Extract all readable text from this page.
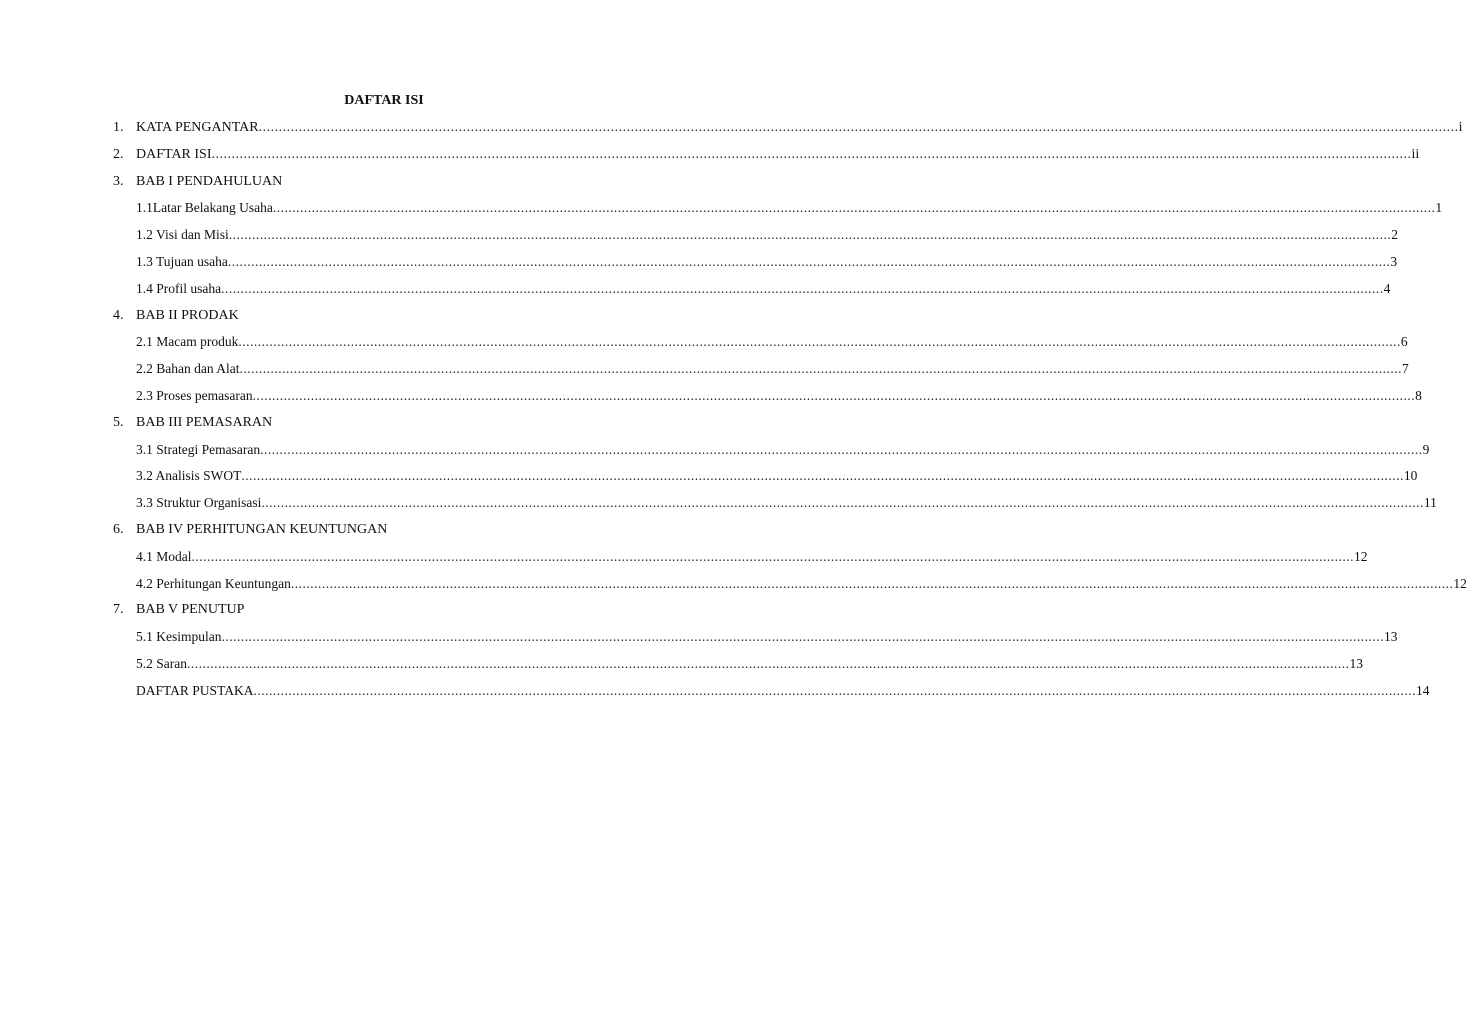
DAFTAR ISI
1. KATA PENGANTAR ............................................................................................................................................................................................................................................................................................................ i
2. DAFTAR ISI ............................................................................................................................................................................................................................................................................................................ ii
3. BAB I PENDAHULUAN
1.1Latar Belakang Usaha ............................................................................................................................................................................................................................................................................................................ 1
1.2 Visi dan Misi ............................................................................................................................................................................................................................................................................................................ 2
1.3 Tujuan usaha ............................................................................................................................................................................................................................................................................................................ 3
1.4 Profil usaha ............................................................................................................................................................................................................................................................................................................ 4
4. BAB II PRODAK
2.1 Macam produk ............................................................................................................................................................................................................................................................................................................ 6
2.2 Bahan dan Alat ............................................................................................................................................................................................................................................................................................................ 7
2.3 Proses pemasaran ............................................................................................................................................................................................................................................................................................................ 8
5. BAB III PEMASARAN
3.1 Strategi Pemasaran ............................................................................................................................................................................................................................................................................................................ 9
3.2 Analisis SWOT ............................................................................................................................................................................................................................................................................................................ 10
3.3 Struktur Organisasi ............................................................................................................................................................................................................................................................................................................ 11
6. BAB IV PERHITUNGAN KEUNTUNGAN
4.1 Modal ............................................................................................................................................................................................................................................................................................................ 12
4.2 Perhitungan Keuntungan ............................................................................................................................................................................................................................................................................................................ 12
7. BAB V PENUTUP
5.1 Kesimpulan ............................................................................................................................................................................................................................................................................................................ 13
5.2 Saran ............................................................................................................................................................................................................................................................................................................ 13
DAFTAR PUSTAKA ............................................................................................................................................................................................................................................................................................................ 14
